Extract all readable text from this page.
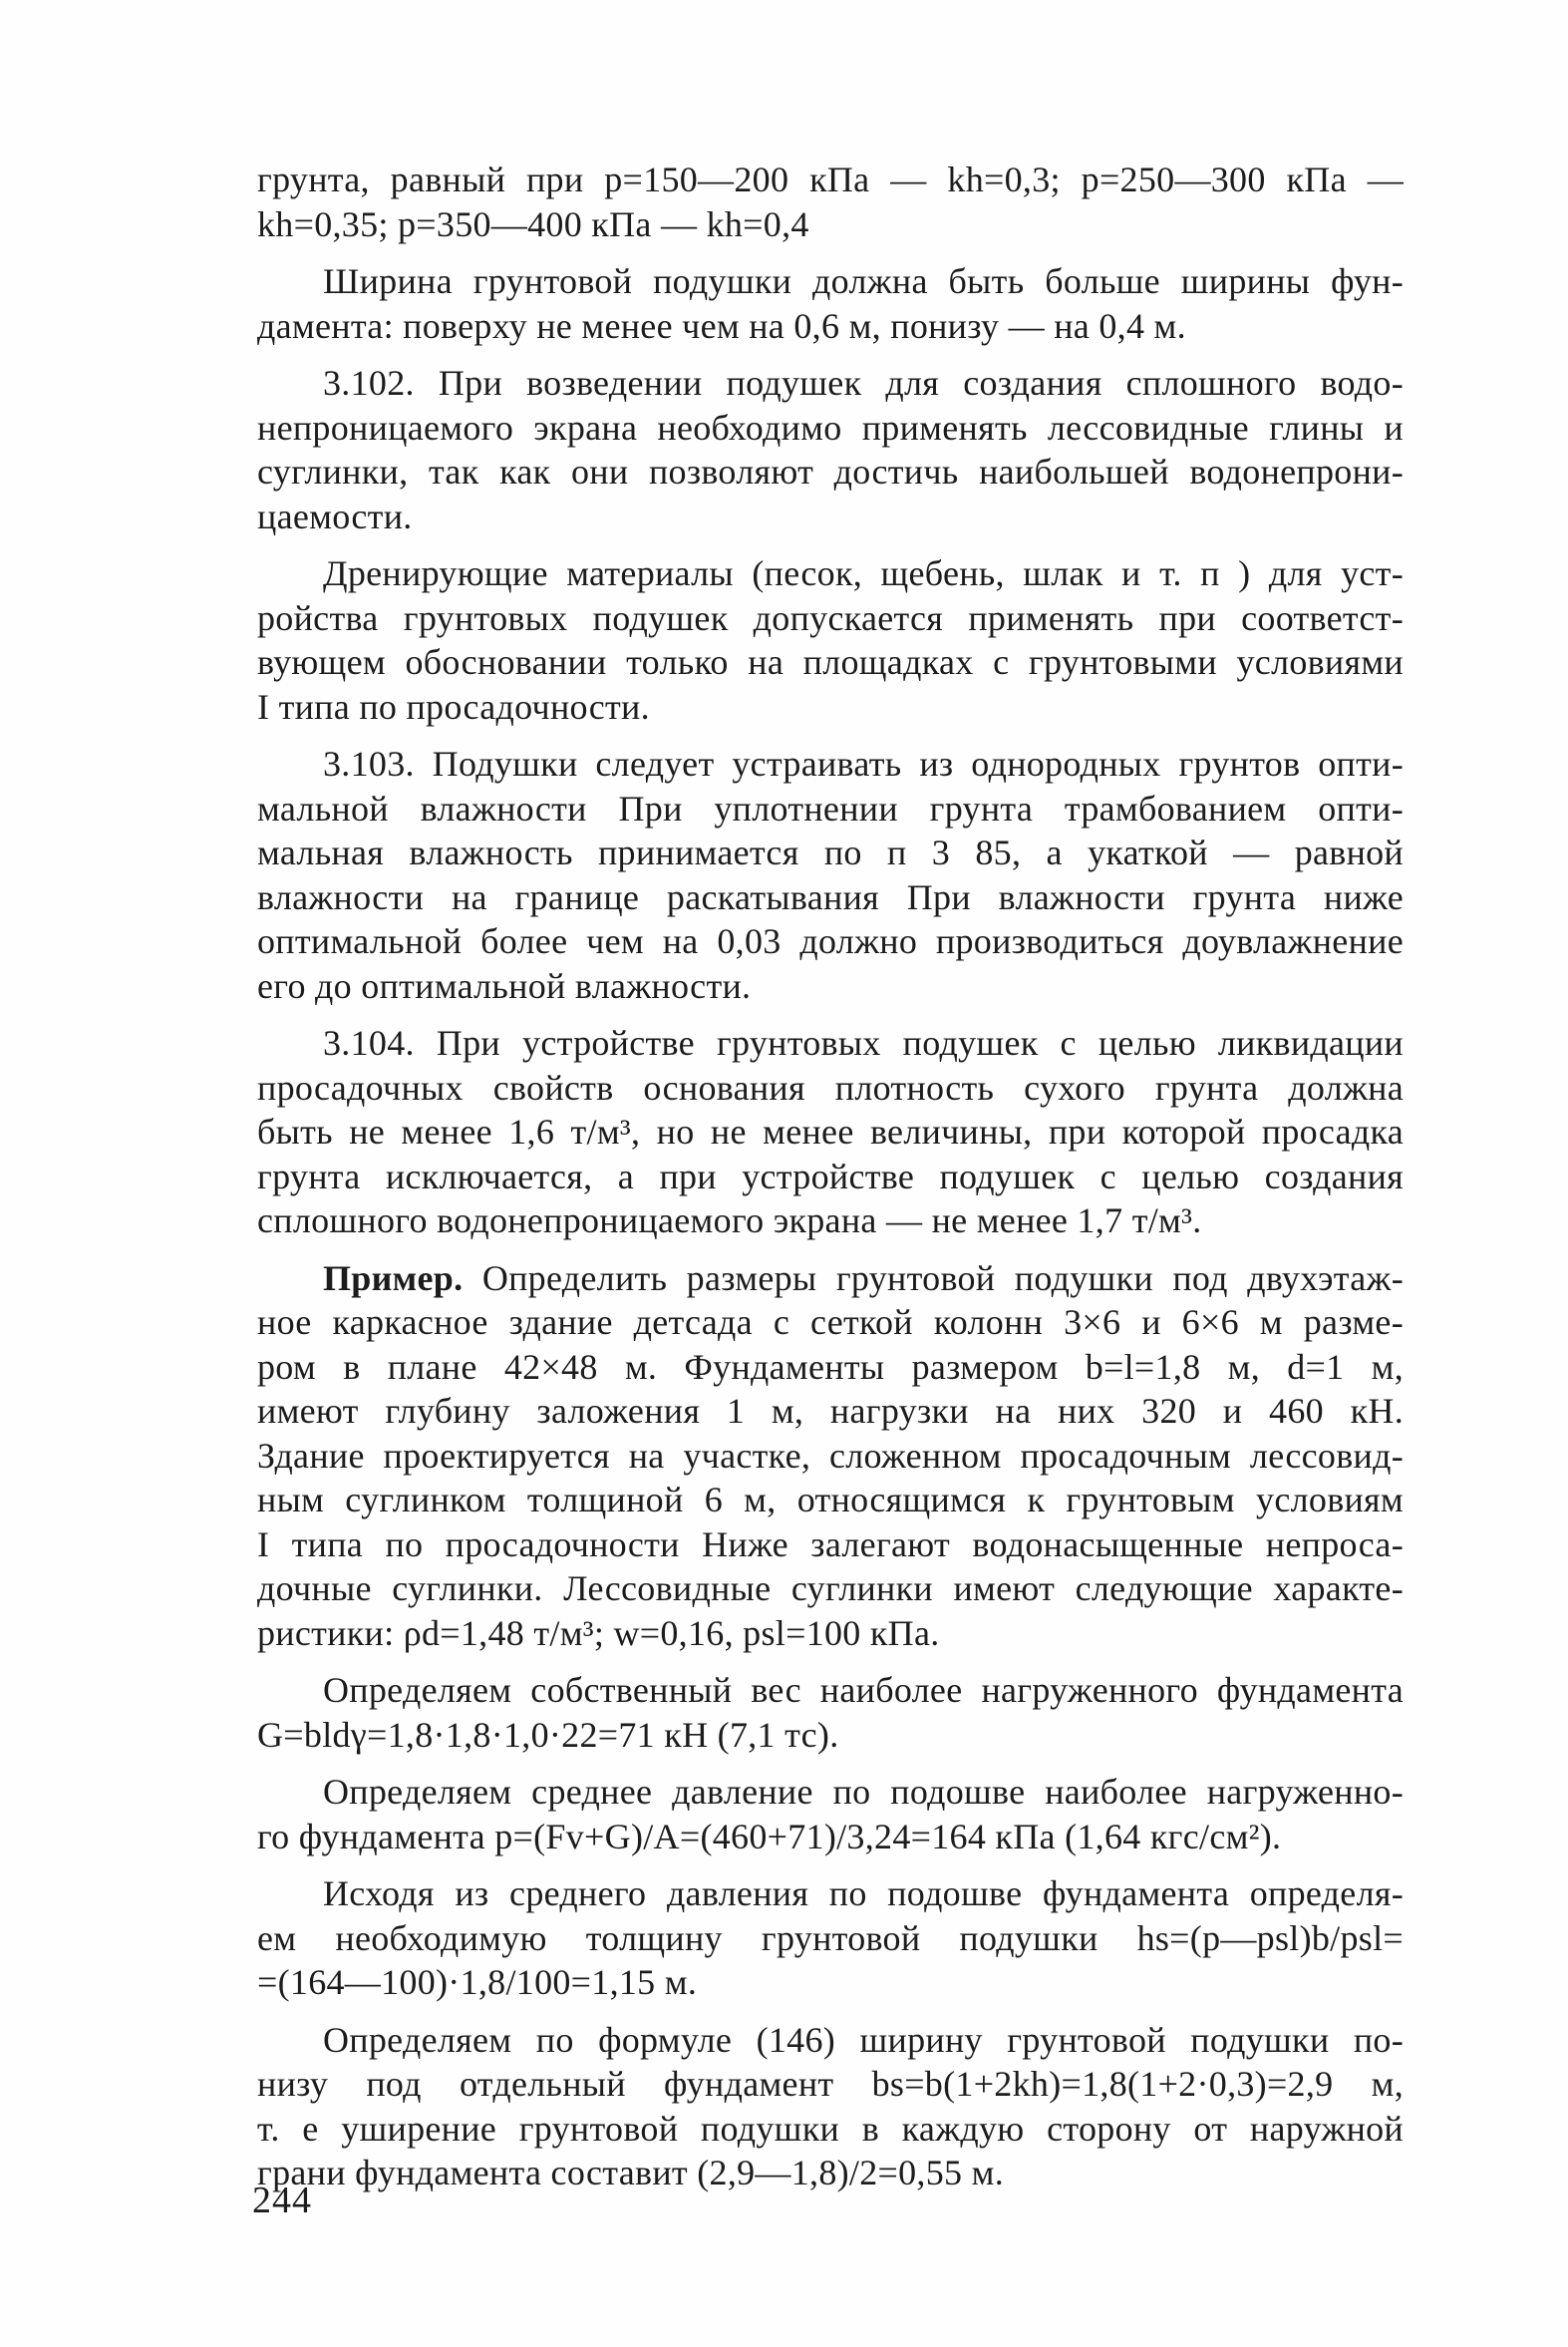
грунта, равный при p=150—200 кПа — kh=0,3; p=250—300 кПа —
kh=0,35; p=350—400 кПа — kh=0,4
Ширина грунтовой подушки должна быть больше ширины фун-
дамента: поверху не менее чем на 0,6 м, понизу — на 0,4 м.
3.102. При возведении подушек для создания сплошного водо-
непроницаемого экрана необходимо применять лессовидные глины и
суглинки, так как они позволяют достичь наибольшей водонепрони-
цаемости.
Дренирующие материалы (песок, щебень, шлак и т. п ) для уст-
ройства грунтовых подушек допускается применять при соответст-
вующем обосновании только на площадках с грунтовыми условиями
I типа по просадочности.
3.103. Подушки следует устраивать из однородных грунтов опти-
мальной влажности При уплотнении грунта трамбованием опти-
мальная влажность принимается по п 3 85, а укаткой — равной
влажности на границе раскатывания При влажности грунта ниже
оптимальной более чем на 0,03 должно производиться доувлажнение
его до оптимальной влажности.
3.104. При устройстве грунтовых подушек с целью ликвидации
просадочных свойств основания плотность сухого грунта должна
быть не менее 1,6 т/м³, но не менее величины, при которой просадка
грунта исключается, а при устройстве подушек с целью создания
сплошного водонепроницаемого экрана — не менее 1,7 т/м³.
Пример. Определить размеры грунтовой подушки под двухэтаж-
ное каркасное здание детсада с сеткой колонн 3×6 и 6×6 м разме-
ром в плане 42×48 м. Фундаменты размером b=l=1,8 м, d=1 м,
имеют глубину заложения 1 м, нагрузки на них 320 и 460 кН.
Здание проектируется на участке, сложенном просадочным лессовид-
ным суглинком толщиной 6 м, относящимся к грунтовым условиям
I типа по просадочности Ниже залегают водонасыщенные непроса-
дочные суглинки. Лессовидные суглинки имеют следующие характе-
ристики: ρd=1,48 т/м³; w=0,16, psl=100 кПа.
Определяем собственный вес наиболее нагруженного фундамента
G=bldγ=1,8·1,8·1,0·22=71 кН (7,1 тс).
Определяем среднее давление по подошве наиболее нагруженно-
го фундамента p=(Fv+G)/A=(460+71)/3,24=164 кПа (1,64 кгс/см²).
Исходя из среднего давления по подошве фундамента определя-
ем необходимую толщину грунтовой подушки hs=(p—psl)b/psl=
=(164—100)·1,8/100=1,15 м.
Определяем по формуле (146) ширину грунтовой подушки по-
низу под отдельный фундамент bs=b(1+2kh)=1,8(1+2·0,3)=2,9 м,
т. е уширение грунтовой подушки в каждую сторону от наружной
грани фундамента составит (2,9—1,8)/2=0,55 м.
244
